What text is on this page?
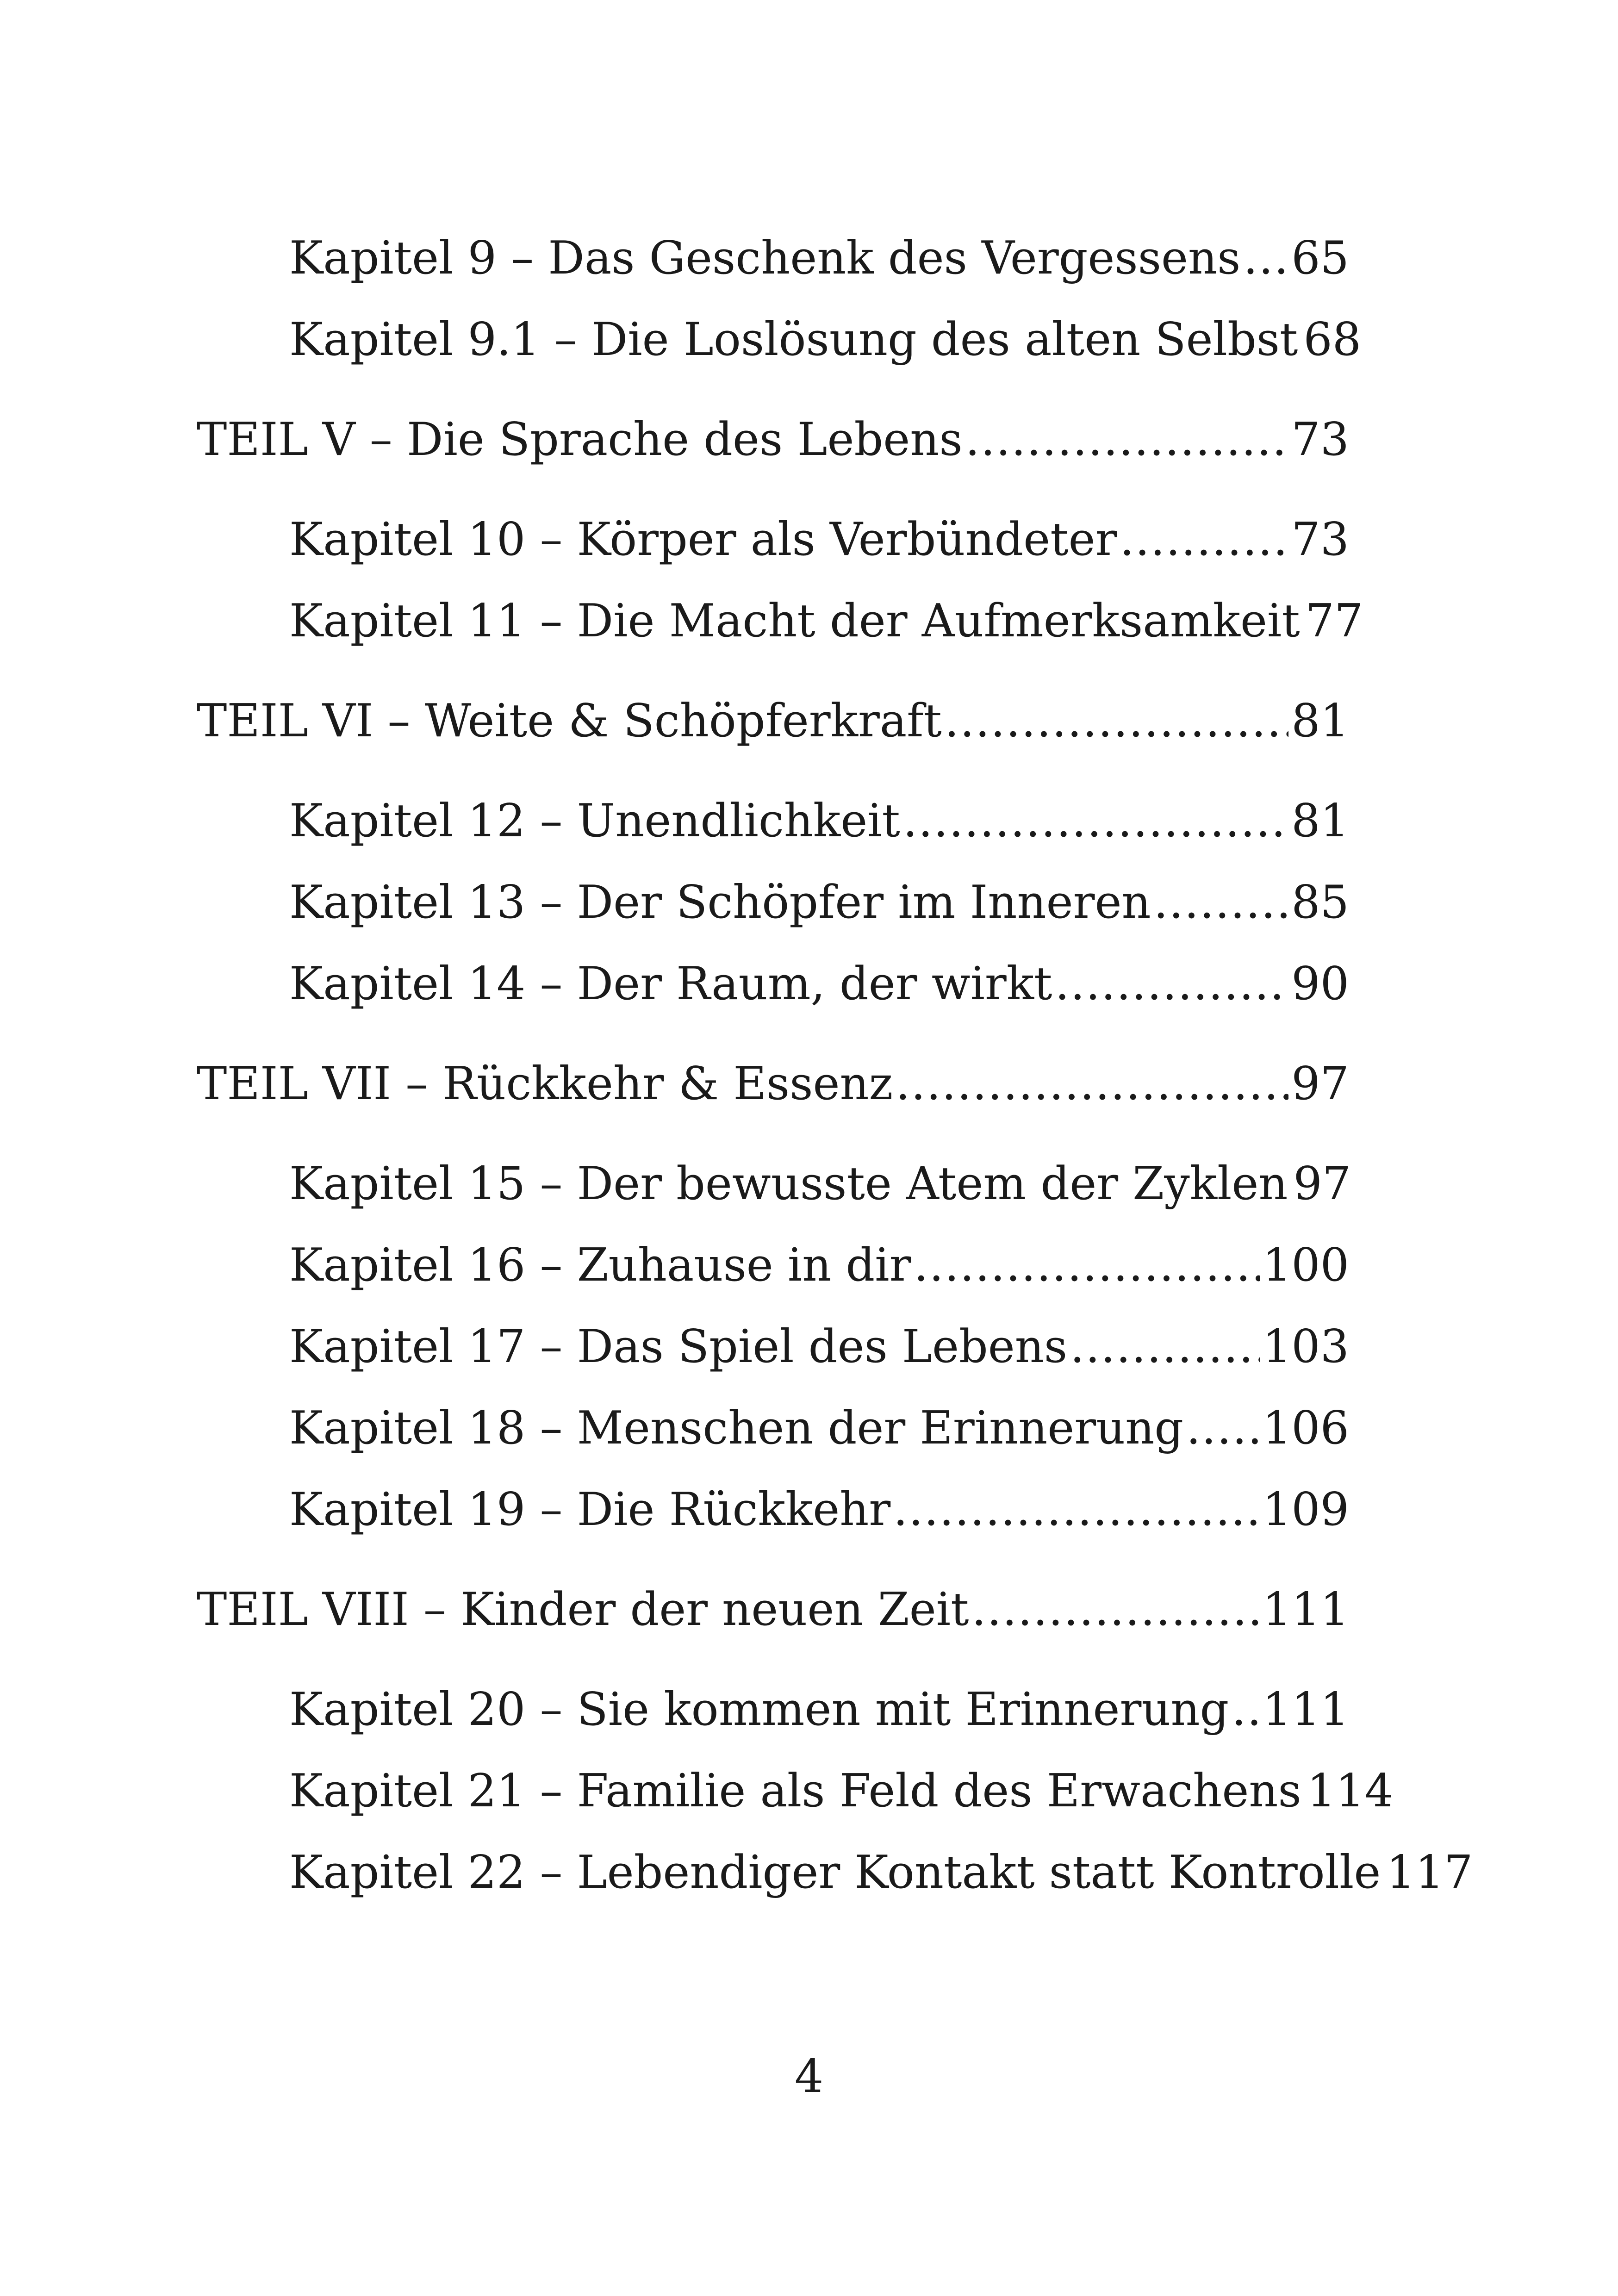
Kapitel 9 – Das Geschenk des Vergessens ..... 65
Kapitel 9.1 – Die Loslösung des alten Selbst 68
TEIL V – Die Sprache des Lebens .....	73
Kapitel 10 – Körper als Verbündeter .....	73
Kapitel 11 – Die Macht der Aufmerksamkeit 77
TEIL VI – Weite & Schöpferkraft .....	81
Kapitel 12 – Unendlichkeit .....	81
Kapitel 13 – Der Schöpfer im Inneren .....	85
Kapitel 14 – Der Raum, der wirkt .....	90
TEIL VII – Rückkehr & Essenz .....	97
Kapitel 15 – Der bewusste Atem der Zyklen 97
Kapitel 16 – Zuhause in dir .....	100
Kapitel 17 – Das Spiel des Lebens .....	103
Kapitel 18 – Menschen der Erinnerung ..... 106
Kapitel 19 – Die Rückkehr .....	109
TEIL VIII – Kinder der neuen Zeit .....	111
Kapitel 20 – Sie kommen mit Erinnerung ..... 111
Kapitel 21 – Familie als Feld des Erwachens 114
Kapitel 22 – Lebendiger Kontakt statt Kontrolle 117
4
